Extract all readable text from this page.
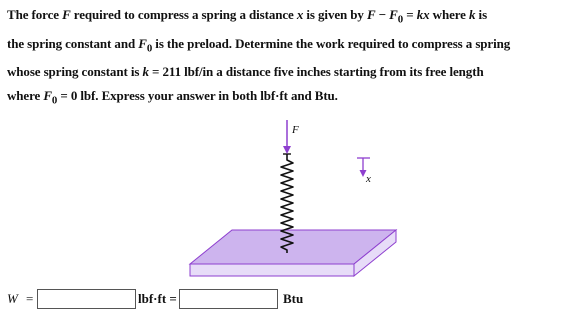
The force F required to compress a spring a distance x is given by $F - F_0$ = kx where k is
the spring constant and $F_0$ is the preload. Determine the work required to compress a spring
whose spring constant is k = 211 lbf/in a distance five inches starting from its free length
where $F_0 = 0$ lbf. Express your answer in both lbf·ft and Btu.
F
x
W =	lbf·ft =	Btu
